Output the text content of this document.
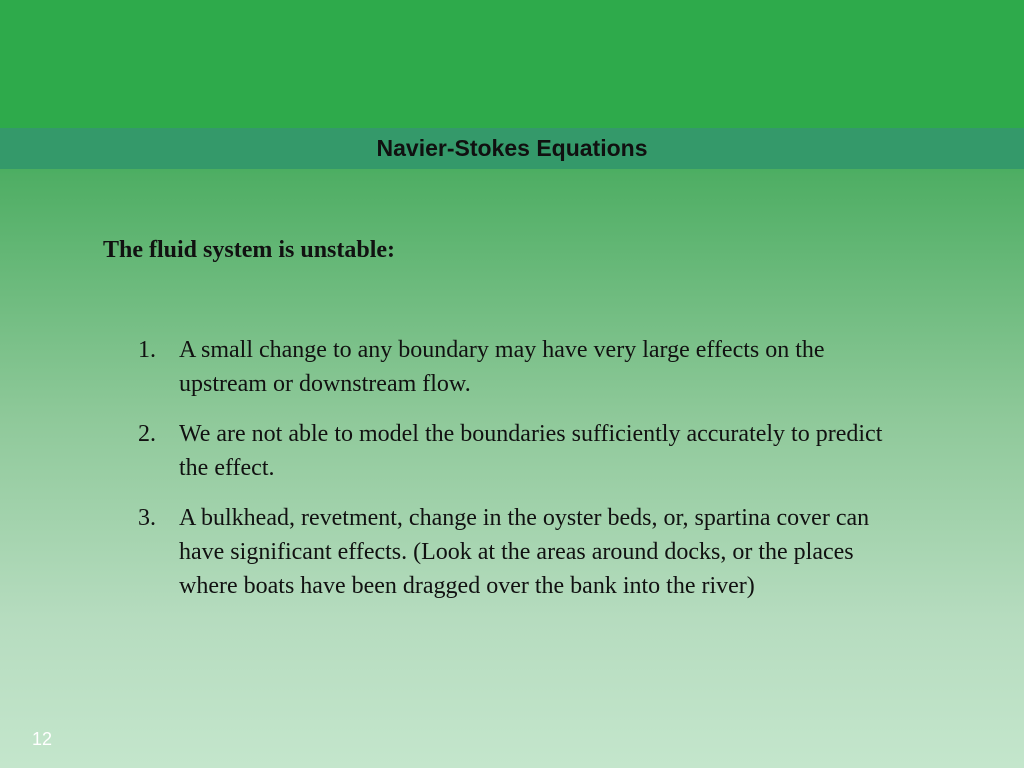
Navier-Stokes Equations
The fluid system is unstable:
1. A small change to any boundary may have very large effects on the upstream or downstream flow.
2. We are not able to model the boundaries sufficiently accurately to predict the effect.
3. A bulkhead, revetment, change in the oyster beds, or, spartina cover can have significant effects. (Look at the areas around docks, or the places where boats have been dragged over the bank into the river)
12
